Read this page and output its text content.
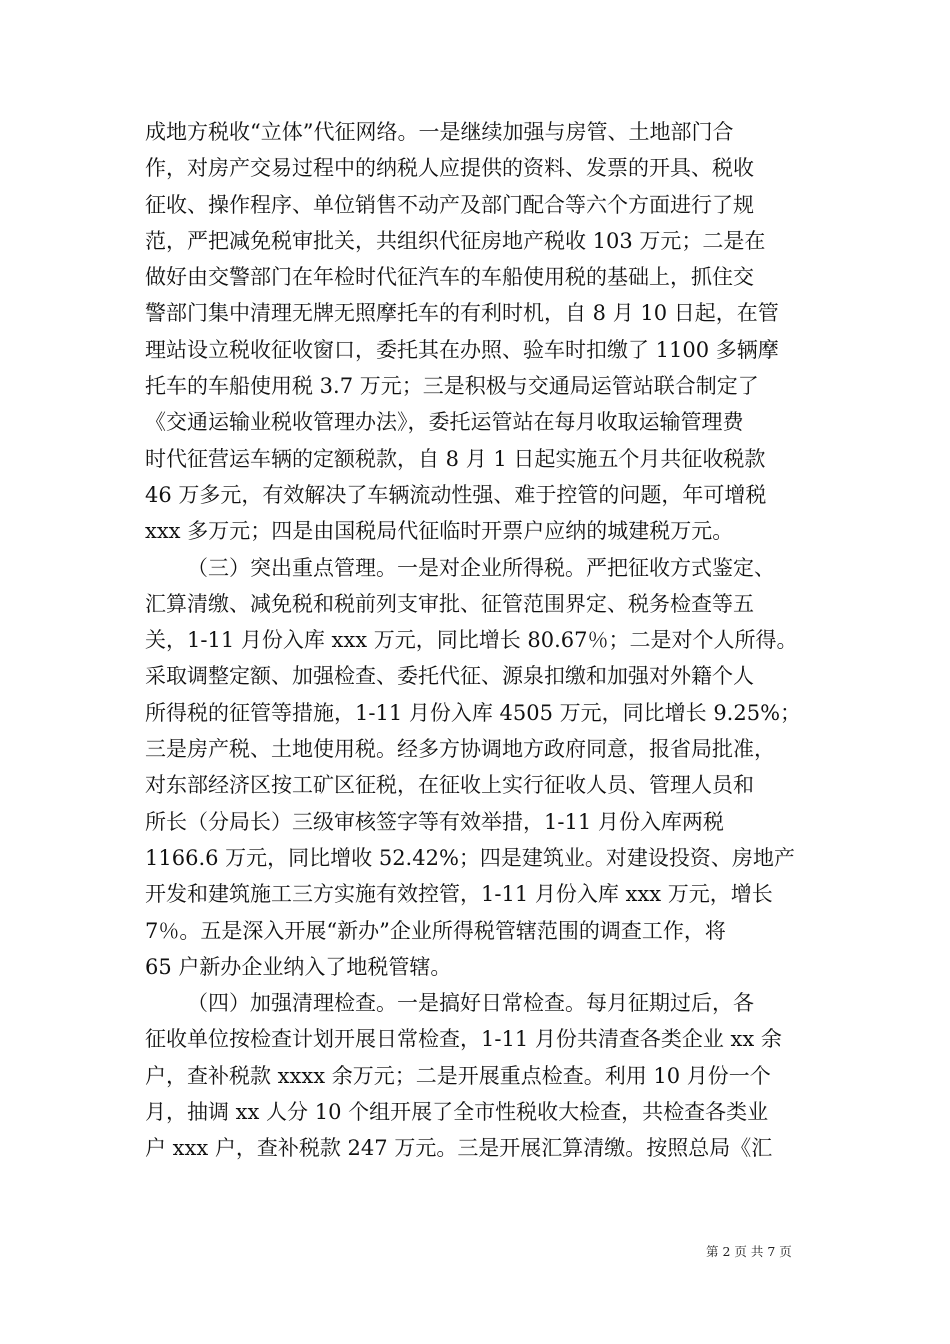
成地方税收“立体”代征网络。一是继续加强与房管、土地部门合
作，对房产交易过程中的纳税人应提供的资料、发票的开具、税收
征收、操作程序、单位销售不动产及部门配合等六个方面进行了规
范，严把减免税审批关，共组织代征房地产税收 103 万元；二是在
做好由交警部门在年检时代征汽车的车船使用税的基础上，抓住交
警部门集中清理无牌无照摩托车的有利时机，自 8 月 10 日起，在管
理站设立税收征收窗口，委托其在办照、验车时扣缴了 1100 多辆摩
托车的车船使用税 3.7 万元；三是积极与交通局运管站联合制定了
《交通运输业税收管理办法》，委托运管站在每月收取运输管理费
时代征营运车辆的定额税款，自 8 月 1 日起实施五个月共征收税款
46 万多元，有效解决了车辆流动性强、难于控管的问题，年可增税
xxx 多万元；四是由国税局代征临时开票户应纳的城建税万元。
（三）突出重点管理。一是对企业所得税。严把征收方式鉴定、
汇算清缴、减免税和税前列支审批、征管范围界定、税务检查等五
关，1-11 月份入库 xxx 万元，同比增长 80.67％；二是对个人所得。
采取调整定额、加强检查、委托代征、源泉扣缴和加强对外籍个人
所得税的征管等措施，1-11 月份入库 4505 万元，同比增长 9.25%；
三是房产税、土地使用税。经多方协调地方政府同意，报省局批准，
对东部经济区按工矿区征税，在征收上实行征收人员、管理人员和
所长（分局长）三级审核签字等有效举措，1-11 月份入库两税
1166.6 万元，同比增收 52.42%；四是建筑业。对建设投资、房地产
开发和建筑施工三方实施有效控管，1-11 月份入库 xxx 万元，增长
7％。五是深入开展“新办”企业所得税管辖范围的调查工作，将
65 户新办企业纳入了地税管辖。
（四）加强清理检查。一是搞好日常检查。每月征期过后，各
征收单位按检查计划开展日常检查，1-11 月份共清查各类企业 xx 余
户，查补税款 xxxx 余万元；二是开展重点检查。利用 10 月份一个
月，抽调 xx 人分 10 个组开展了全市性税收大检查，共检查各类业
户 xxx 户，查补税款 247 万元。三是开展汇算清缴。按照总局《汇
第 2 页 共 7 页
